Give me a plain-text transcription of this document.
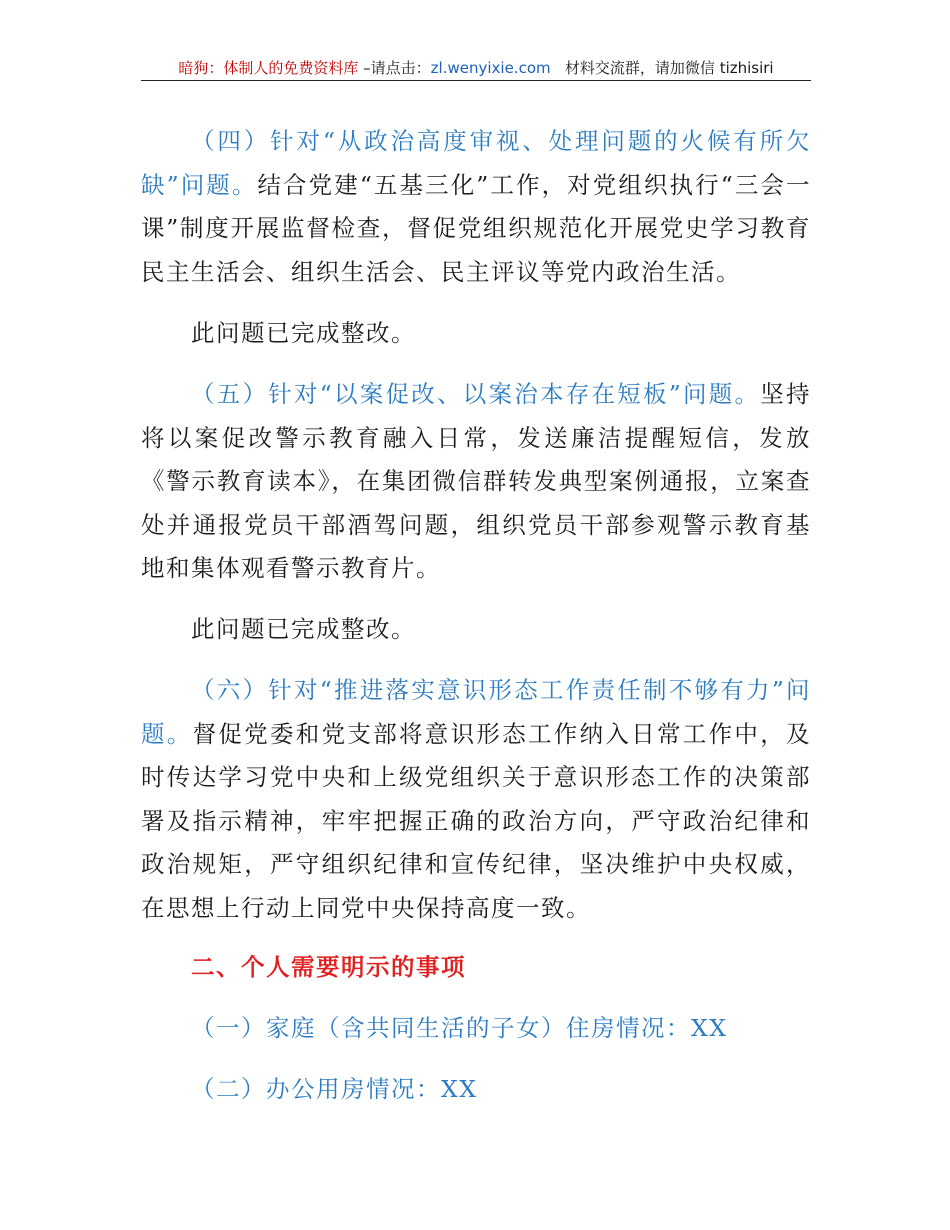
暗狗：体制人的免费资料库 –请点击：zl.wenyixie.com 材料交流群，请加微信 tizhisiri
（四）针对“从政治高度审视、处理问题的火候有所欠缺”问题。结合党建“五基三化”工作，对党组织执行“三会一课”制度开展监督检查，督促党组织规范化开展党史学习教育民主生活会、组织生活会、民主评议等党内政治生活。
此问题已完成整改。
（五）针对“以案促改、以案治本存在短板”问题。坚持将以案促改警示教育融入日常，发送廉洁提醒短信，发放《警示教育读本》，在集团微信群转发典型案例通报，立案查处并通报党员干部酒驾问题，组织党员干部参观警示教育基地和集体观看警示教育片。
此问题已完成整改。
（六）针对“推进落实意识形态工作责任制不够有力”问题。督促党委和党支部将意识形态工作纳入日常工作中，及时传达学习党中央和上级党组织关于意识形态工作的决策部署及指示精神，牢牢把握正确的政治方向，严守政治纪律和政治规矩，严守组织纪律和宣传纪律，坚决维护中央权威，在思想上行动上同党中央保持高度一致。
二、个人需要明示的事项
（一）家庭（含共同生活的子女）住房情况：XX
（二）办公用房情况：XX
